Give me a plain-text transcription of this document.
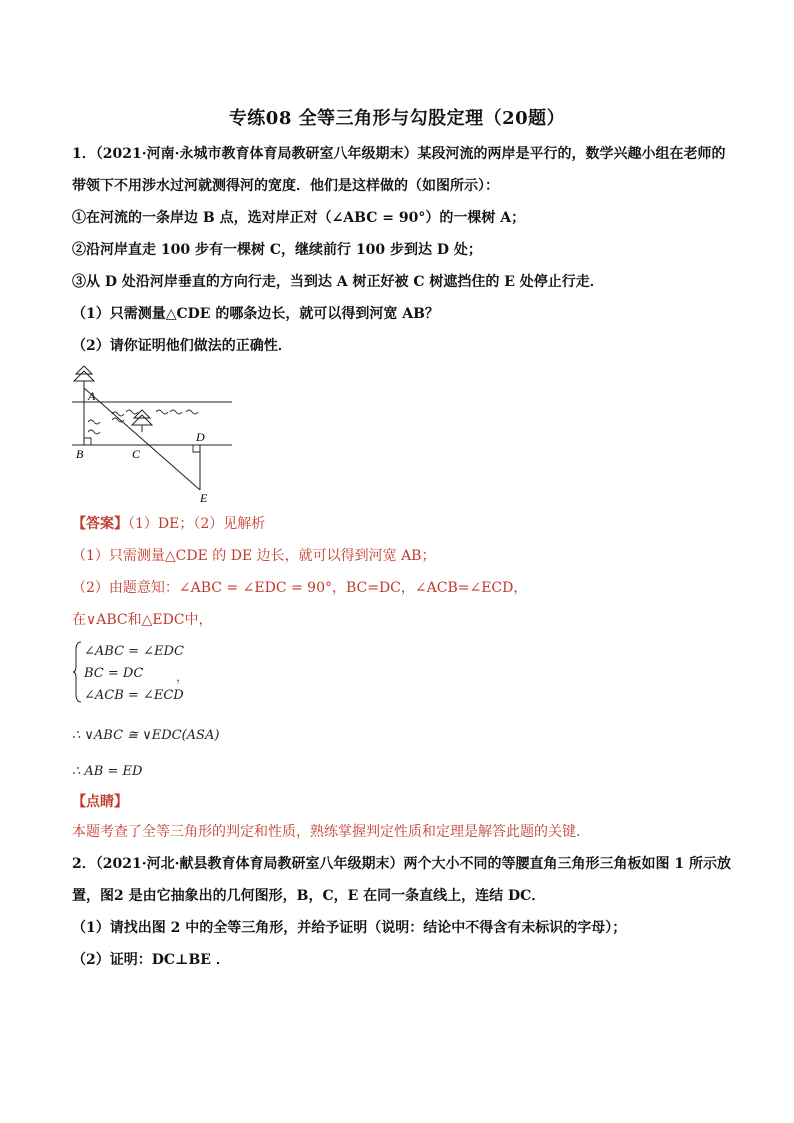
专练08 全等三角形与勾股定理（20题）
1．（2021·河南·永城市教育体育局教研室八年级期末）某段河流的两岸是平行的，数学兴趣小组在老师的
带领下不用涉水过河就测得河的宽度．他们是这样做的（如图所示）：
①在河流的一条岸边 B 点，选对岸正对（∠ABC = 90°）的一棵树 A；
②沿河岸直走 100 步有一棵树 C，继续前行 100 步到达 D 处；
③从 D 处沿河岸垂直的方向行走，当到达 A 树正好被 C 树遮挡住的 E 处停止行走．
（1）只需测量△CDE 的哪条边长，就可以得到河宽 AB？
（2）请你证明他们做法的正确性．
A
B	C
D
E
【答案】（1）DE；（2）见解析
（1）只需测量△CDE 的 DE 边长，就可以得到河宽 AB；
（2）由题意知：∠ABC = ∠EDC = 90°，BC=DC，∠ACB=∠ECD，
在∨ABC和△EDC中，
∠ABC = ∠EDC
BC = DC
∠ACB = ∠ECD
，
∴ ∨ABC ≅ ∨EDC(ASA)
∴ AB = ED
【点睛】
本题考查了全等三角形的判定和性质，熟练掌握判定性质和定理是解答此题的关键.
2．（2021·河北·献县教育体育局教研室八年级期末）两个大小不同的等腰直角三角形三角板如图 1 所示放
置，图2 是由它抽象出的几何图形，B，C，E 在同一条直线上，连结 DC．
（1）请找出图 2 中的全等三角形，并给予证明（说明：结论中不得含有未标识的字母）；
（2）证明：DC⊥BE ．
